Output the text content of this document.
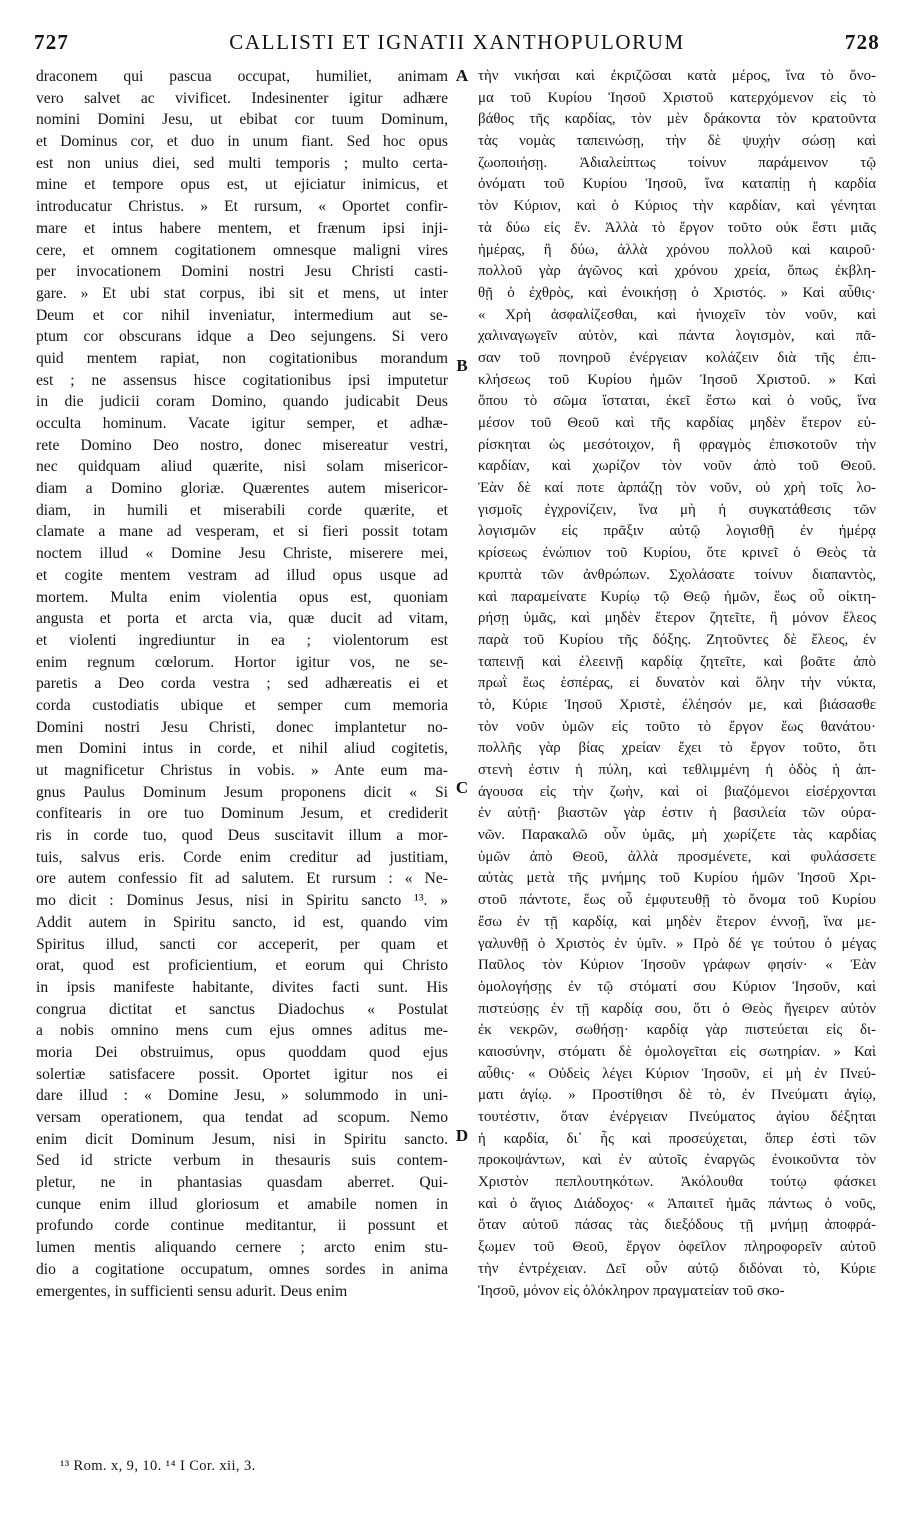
727	CALLISTI ET IGNATII XANTHOPULORUM	728
draconem qui pascua occupat, humiliet, animam
vero salvet ac vivificet. Indesinenter igitur adhære
nomini Domini Jesu, ut ebibat cor tuum Dominum,
et Dominus cor, et duo in unum fiant. Sed hoc opus
est non unius diei, sed multi temporis ; multo certa-
mine et tempore opus est, ut ejiciatur inimicus, et
introducatur Christus. » Et rursum, « Oportet confir-
mare et intus habere mentem, et frænum ipsi inji-
cere, et omnem cogitationem omnesque maligni vires
per invocationem Domini nostri Jesu Christi casti-
gare. » Et ubi stat corpus, ibi sit et mens, ut inter
Deum et cor nihil inveniatur, intermedium aut se-
ptum cor obscurans idque a Deo sejungens. Si vero
quid mentem rapiat, non cogitationibus morandum
est ; ne assensus hisce cogitationibus ipsi imputetur
in die judicii coram Domino, quando judicabit Deus
occulta hominum. Vacate igitur semper, et adhæ-
rete Domino Deo nostro, donec misereatur vestri,
nec quidquam aliud quærite, nisi solam misericor-
diam a Domino gloriæ. Quærentes autem misericor-
diam, in humili et miserabili corde quærite, et
clamate a mane ad vesperam, et si fieri possit totam
noctem illud « Domine Jesu Christe, miserere mei,
et cogite mentem vestram ad illud opus usque ad
mortem. Multa enim violentia opus est, quoniam
angusta et porta et arcta via, quæ ducit ad vitam,
et violenti ingrediuntur in ea ; violentorum est
enim regnum cœlorum. Hortor igitur vos, ne se-
paretis a Deo corda vestra ; sed adhæreatis ei et
corda custodiatis ubique et semper cum memoria
Domini nostri Jesu Christi, donec implantetur no-
men Domini intus in corde, et nihil aliud cogitetis,
ut magnificetur Christus in vobis. » Ante eum ma-
gnus Paulus Dominum Jesum proponens dicit « Si
confitearis in ore tuo Dominum Jesum, et crediderit
ris in corde tuo, quod Deus suscitavit illum a mor-
tuis, salvus eris. Corde enim creditur ad justitiam,
ore autem confessio fit ad salutem. Et rursum : « Ne-
mo dicit : Dominus Jesus, nisi in Spiritu sancto ¹³. »
Addit autem in Spiritu sancto, id est, quando vim
Spiritus illud, sancti cor acceperit, per quam et
orat, quod est proficientium, et eorum qui Christo
in ipsis manifeste habitante, divites facti sunt. His
congrua dictitat et sanctus Diadochus « Postulat
a nobis omnino mens cum ejus omnes aditus me-
moria Dei obstruimus, opus quoddam quod ejus
solertiæ satisfacere possit. Oportet igitur nos ei
dare illud : « Domine Jesu, » solummodo in uni-
versam operationem, qua tendat ad scopum. Nemo
enim dicit Dominum Jesum, nisi in Spiritu sancto.
Sed id stricte verbum in thesauris suis contem-
pletur, ne in phantasias quasdam aberret. Qui-
cunque enim illud gloriosum et amabile nomen in
profundo corde continue meditantur, ii possunt et
lumen mentis aliquando cernere ; arcto enim stu-
dio a cogitatione occupatum, omnes sordes in anima
emergentes, in sufficienti sensu adurit. Deus enim
τὴν νικήσαι καὶ ἐκριζῶσαι κατὰ μέρος, ἵνα τὸ ὄνο-
μα τοῦ Κυρίου Ἰησοῦ Χριστοῦ κατερχόμενον εἰς τὸ
βάθος τῆς καρδίας, τὸν μὲν δράκοντα τὸν κρατοῦντα
τὰς νομὰς ταπεινώσῃ, τὴν δὲ ψυχὴν σώσῃ καὶ
ζωοποιήσῃ. Ἀδιαλείπτως τοίνυν παράμεινον τῷ
ὀνόματι τοῦ Κυρίου Ἰησοῦ, ἵνα καταπίῃ ἡ καρδία
τὸν Κύριον, καὶ ὁ Κύριος τὴν καρδίαν, καὶ γένηται
τὰ δύω εἰς ἕν. Ἀλλὰ τὸ ἔργον τοῦτο οὐκ ἔστι μιᾶς
ἡμέρας, ἢ δύω, ἀλλὰ χρόνου πολλοῦ καὶ καιροῦ·
πολλοῦ γὰρ ἀγῶνος καὶ χρόνου χρεία, ὅπως ἐκβλη-
θῇ ὁ ἐχθρὸς, καὶ ἐνοικήσῃ ὁ Χριστός. » Καὶ αὖθις·
« Χρὴ ἀσφαλίζεσθαι, καὶ ἡνιοχεῖν τὸν νοῦν, καὶ
χαλιναγωγεῖν αὐτὸν, καὶ πάντα λογισμὸν, καὶ πᾶ-
σαν τοῦ πονηροῦ ἐνέργειαν κολάζειν διὰ τῆς ἐπι-
κλήσεως τοῦ Κυρίου ἡμῶν Ἰησοῦ Χριστοῦ. » Καὶ
ὅπου τὸ σῶμα ἵσταται, ἐκεῖ ἔστω καὶ ὁ νοῦς, ἵνα
μέσον τοῦ Θεοῦ καὶ τῆς καρδίας μηδὲν ἕτερον εὑ-
ρίσκηται ὡς μεσότοιχον, ἢ φραγμὸς ἐπισκοτοῦν τὴν
καρδίαν, καὶ χωρίζον τὸν νοῦν ἀπὸ τοῦ Θεοῦ.
Ἐὰν δὲ καί ποτε ἁρπάζῃ τὸν νοῦν, οὐ χρὴ τοῖς λο-
γισμοῖς ἐγχρονίζειν, ἵνα μὴ ἡ συγκατάθεσις τῶν
λογισμῶν εἰς πρᾶξιν αὐτῷ λογισθῇ ἐν ἡμέρᾳ
κρίσεως ἐνώπιον τοῦ Κυρίου, ὅτε κρινεῖ ὁ Θεὸς τὰ
κρυπτὰ τῶν ἀνθρώπων. Σχολάσατε τοίνυν διαπαντὸς,
καὶ παραμείνατε Κυρίῳ τῷ Θεῷ ἡμῶν, ἕως οὗ οἰκτη-
ρήσῃ ὑμᾶς, καὶ μηδὲν ἕτερον ζητεῖτε, ἢ μόνον ἔλεος
παρὰ τοῦ Κυρίου τῆς δόξης. Ζητοῦντες δὲ ἔλεος, ἐν
ταπεινῇ καὶ ἐλεεινῇ καρδίᾳ ζητεῖτε, καὶ βοᾶτε ἀπὸ
πρωῒ ἕως ἑσπέρας, εἰ δυνατὸν καὶ ὅλην τὴν νύκτα,
τὸ, Κύριε Ἰησοῦ Χριστὲ, ἐλέησόν με, καὶ βιάσασθε
τὸν νοῦν ὑμῶν εἰς τοῦτο τὸ ἔργον ἕως θανάτου·
πολλῆς γὰρ βίας χρείαν ἔχει τὸ ἔργον τοῦτο, ὅτι
στενὴ ἐστιν ἡ πύλη, καὶ τεθλιμμένη ἡ ὁδὸς ἡ ἀπ-
άγουσα εἰς τὴν ζωὴν, καὶ οἱ βιαζόμενοι εἰσέρχονται
ἐν αὐτῇ· βιαστῶν γὰρ ἐστιν ἡ βασιλεία τῶν οὐρα-
νῶν. Παρακαλῶ οὖν ὑμᾶς, μὴ χωρίζετε τὰς καρδίας
ὑμῶν ἀπὸ Θεοῦ, ἀλλὰ προσμένετε, καὶ φυλάσσετε
αὐτὰς μετὰ τῆς μνήμης τοῦ Κυρίου ἡμῶν Ἰησοῦ Χρι-
στοῦ πάντοτε, ἕως οὗ ἐμφυτευθῇ τὸ ὄνομα τοῦ Κυρίου
ἔσω ἐν τῇ καρδίᾳ, καὶ μηδὲν ἕτερον ἐννοῇ, ἵνα με-
γαλυνθῇ ὁ Χριστὸς ἐν ὑμῖν. » Πρὸ δέ γε τούτου ὁ μέγας
Παῦλος τὸν Κύριον Ἰησοῦν γράφων φησίν· « Ἐὰν
ὁμολογήσῃς ἐν τῷ στόματί σου Κύριον Ἰησοῦν, καὶ
πιστεύσῃς ἐν τῇ καρδίᾳ σου, ὅτι ὁ Θεὸς ἤγειρεν αὐτὸν
ἐκ νεκρῶν, σωθήσῃ· καρδίᾳ γὰρ πιστεύεται εἰς δι-
καιοσύνην, στόματι δὲ ὁμολογεῖται εἰς σωτηρίαν. » Καὶ
αὖθις· « Οὐδεὶς λέγει Κύριον Ἰησοῦν, εἰ μὴ ἐν Πνεύ-
ματι ἁγίῳ. » Προστίθησι δὲ τὸ, ἐν Πνεύματι ἁγίῳ,
τουτέστιν, ὅταν ἐνέργειαν Πνεύματος ἁγίου δέξηται
ἡ καρδία, δι᾽ ἧς καὶ προσεύχεται, ὅπερ ἐστὶ τῶν
προκοψάντων, καὶ ἐν αὐτοῖς ἐναργῶς ἐνοικοῦντα τὸν
Χριστὸν πεπλουτηκότων. Ἀκόλουθα τούτῳ φάσκει
καὶ ὁ ἅγιος Διάδοχος· « Ἀπαιτεῖ ἡμᾶς πάντως ὁ νοῦς,
ὅταν αὐτοῦ πάσας τὰς διεξόδους τῇ μνήμῃ ἀποφρά-
ξωμεν τοῦ Θεοῦ, ἔργον ὀφεῖλον πληροφορεῖν αὐτοῦ
τὴν ἐντρέχειαν. Δεῖ οὖν αὐτῷ διδόναι τὸ, Κύριε
Ἰησοῦ, μόνον εἰς ὁλόκληρον πραγματείαν τοῦ σκο-
A
B
C
D
¹³ Rom. x, 9, 10. ¹⁴ I Cor. xii, 3.
